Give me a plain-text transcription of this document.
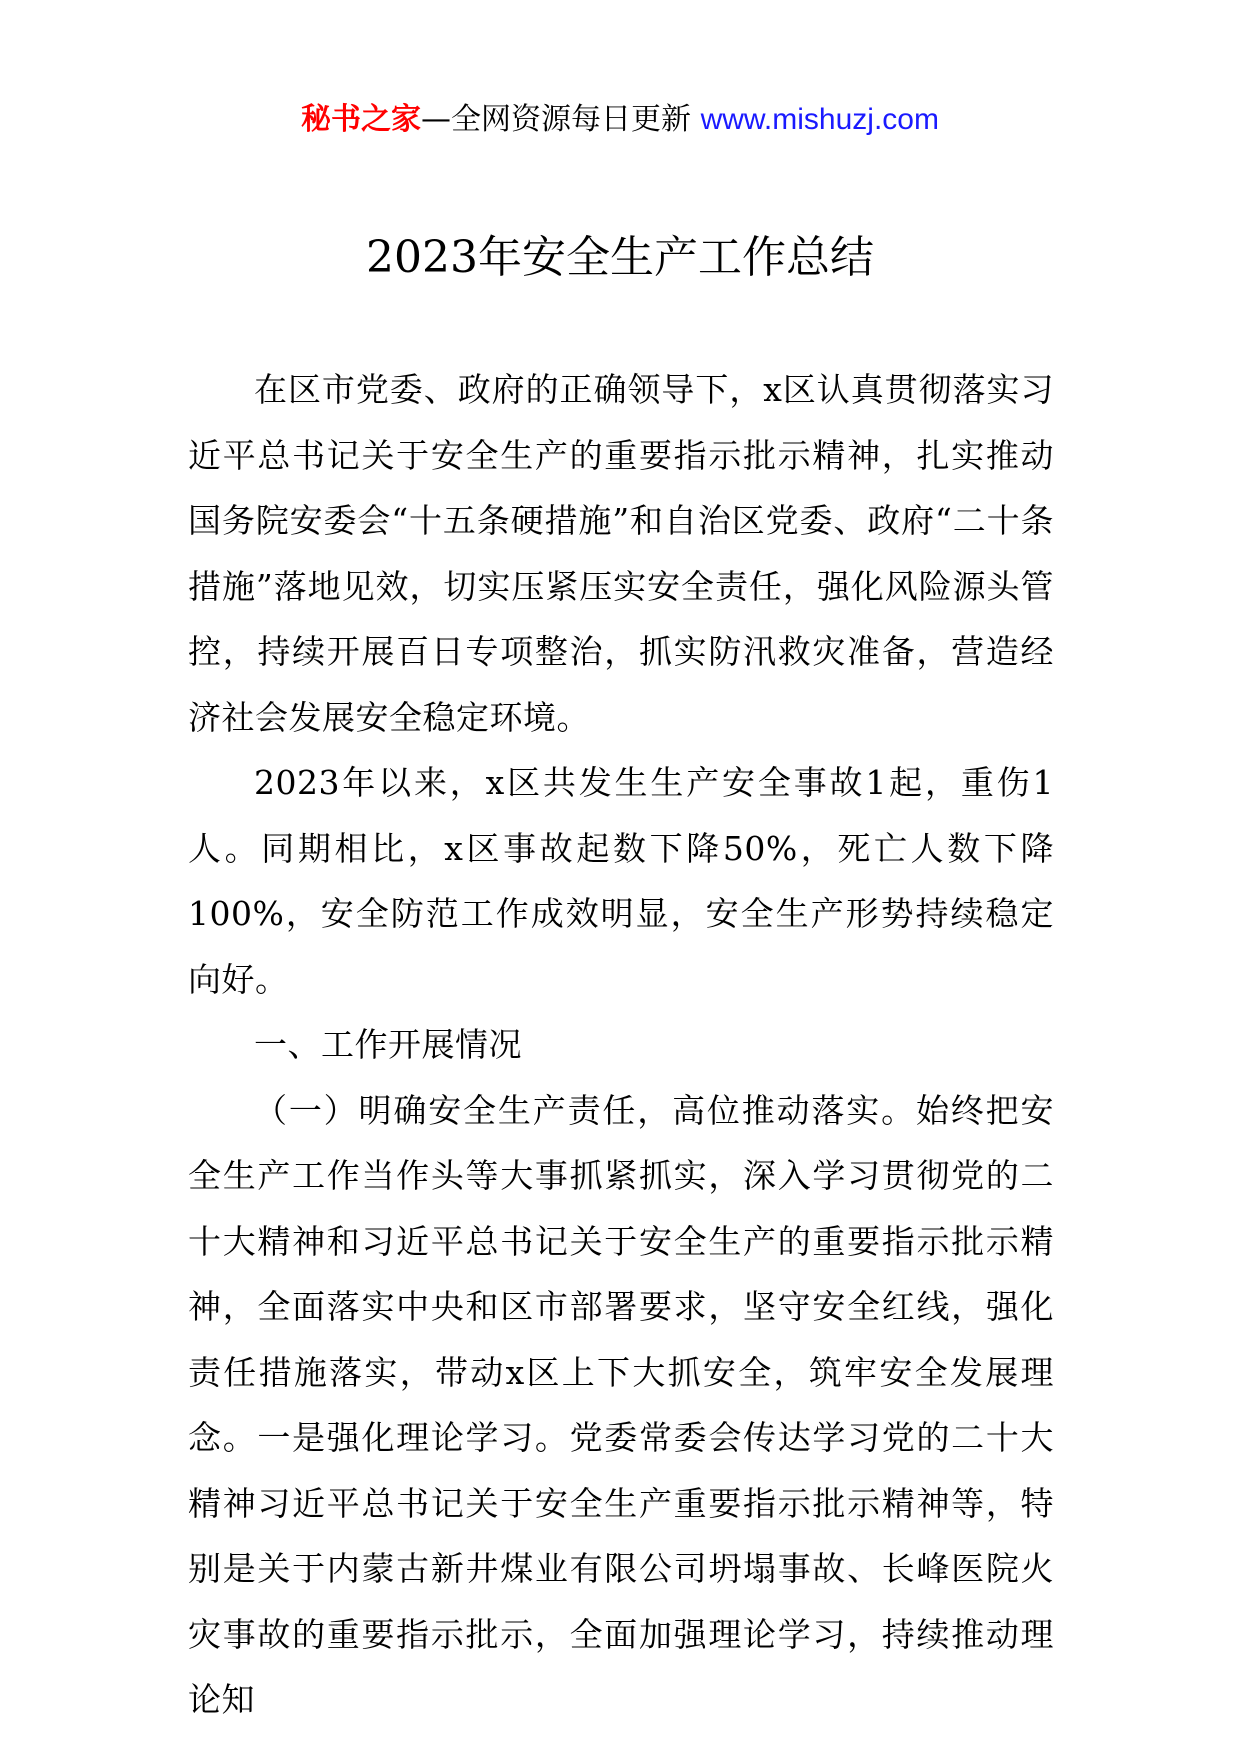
秘书之家—全网资源每日更新 www.mishuzj.com
2023年安全生产工作总结

在区市党委、政府的正确领导下，x区认真贯彻落实习近平总书记关于安全生产的重要指示批示精神，扎实推动国务院安委会“十五条硬措施”和自治区党委、政府“二十条措施”落地见效，切实压紧压实安全责任，强化风险源头管控，持续开展百日专项整治，抓实防汛救灾准备，营造经济社会发展安全稳定环境。

2023年以来，x区共发生生产安全事故1起，重伤1人。同期相比，x区事故起数下降50%，死亡人数下降100%，安全防范工作成效明显，安全生产形势持续稳定向好。

一、工作开展情况

（一）明确安全生产责任，高位推动落实。始终把安全生产工作当作头等大事抓紧抓实，深入学习贯彻党的二十大精神和习近平总书记关于安全生产的重要指示批示精神，全面落实中央和区市部署要求，坚守安全红线，强化责任措施落实，带动x区上下大抓安全，筑牢安全发展理念。一是强化理论学习。党委常委会传达学习党的二十大精神习近平总书记关于安全生产重要指示批示精神等，特别是关于内蒙古新井煤业有限公司坍塌事故、长峰医院火灾事故的重要指示批示，全面加强理论学习，持续推动理论知
